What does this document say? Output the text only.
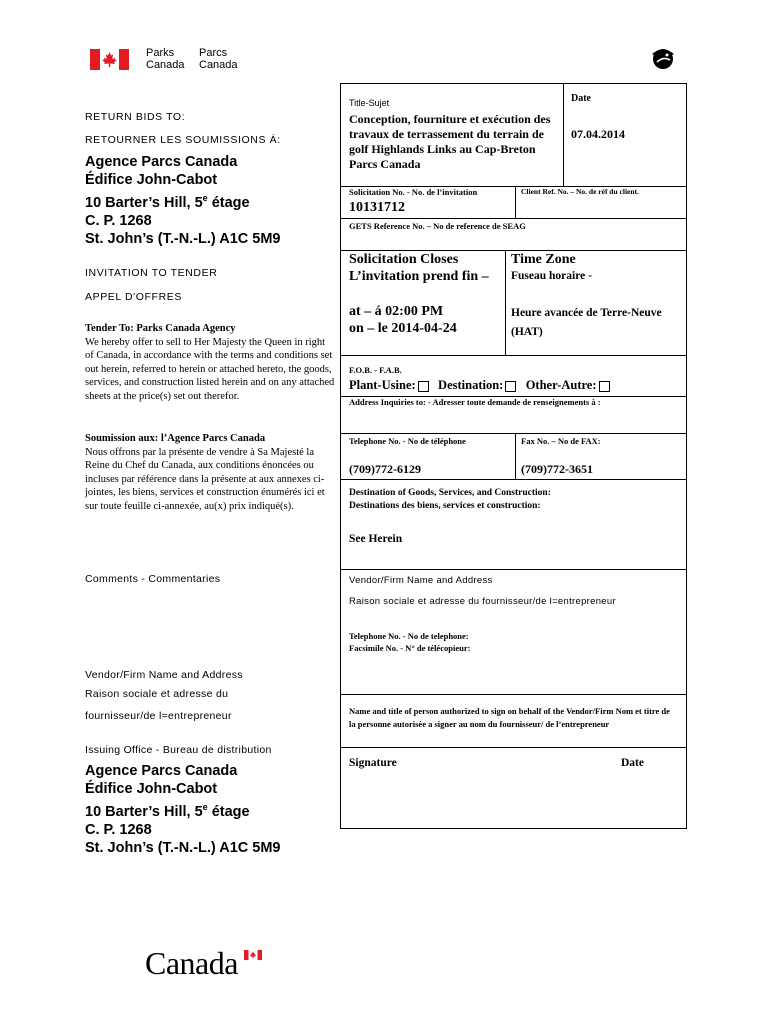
Parks
Canada
Parcs
Canada
RETURN BIDS TO:
RETOURNER LES SOUMISSIONS Á:
Agence Parcs Canada
Édifice John-Cabot
10 Barter’s Hill, 5e étage
C. P. 1268
St. John’s (T.-N.-L.) A1C 5M9
INVITATION TO TENDER
APPEL D'OFFRES
Tender To: Parks Canada Agency
We hereby offer to sell to Her Majesty the Queen in right of Canada, in accordance with the terms and conditions set out herein, referred to herein or attached hereto, the goods, services, and construction listed herein and on any attached sheets at the price(s) set out therefor.
Soumission aux: l’Agence Parcs Canada
Nous offrons par la présente de vendre à Sa Majesté la Reine du Chef du Canada, aux conditions énoncées ou incluses par référence dans la présente at aux annexes ci-jointes, les biens, services et construction énumérés ici et sur toute feuille ci-annexée, au(x) prix indiqué(s).
Comments - Commentaries
Vendor/Firm Name and Address
Raison sociale et adresse du
fournisseur/de l=entrepreneur
Issuing Office - Bureau de distribution
Agence Parcs Canada
Édifice John-Cabot
10 Barter’s Hill, 5e étage
C. P. 1268
St. John’s (T.-N.-L.) A1C 5M9
Title-Sujet
Conception, fourniture et exécution des travaux de terrassement du terrain de golf Highlands Links au Cap-Breton Parcs Canada
Date
07.04.2014
Solicitation No. - No. de l’invitation
10131712
Client Ref. No. – No. de réf du client.
GETS Reference No. – No de reference de SEAG
Solicitation Closes
L’invitation prend fin –
at – á 02:00 PM
on – le 2014-04-24
Time Zone
Fuseau horaire -
Heure avancée de Terre-Neuve
(HAT)
F.O.B. - F.A.B.
Plant-Usine: Destination: Other-Autre:
Address Inquiries to: - Adresser toute demande de renseignements à :
Telephone No. - No de téléphone
(709)772-6129
Fax No. – No de FAX:
(709)772-3651
Destination of Goods, Services, and Construction:
Destinations des biens, services et construction:
See Herein
Vendor/Firm Name and Address
Raison sociale et adresse du fournisseur/de l=entrepreneur
Telephone No. - No de telephone:
Facsimile No. - N° de télécopieur:
Name and title of person authorized to sign on behalf of the Vendor/Firm Nom et titre de la personne autorisée a signer au nom du fournisseur/ de l’entrepreneur
Signature	Date
Canada
